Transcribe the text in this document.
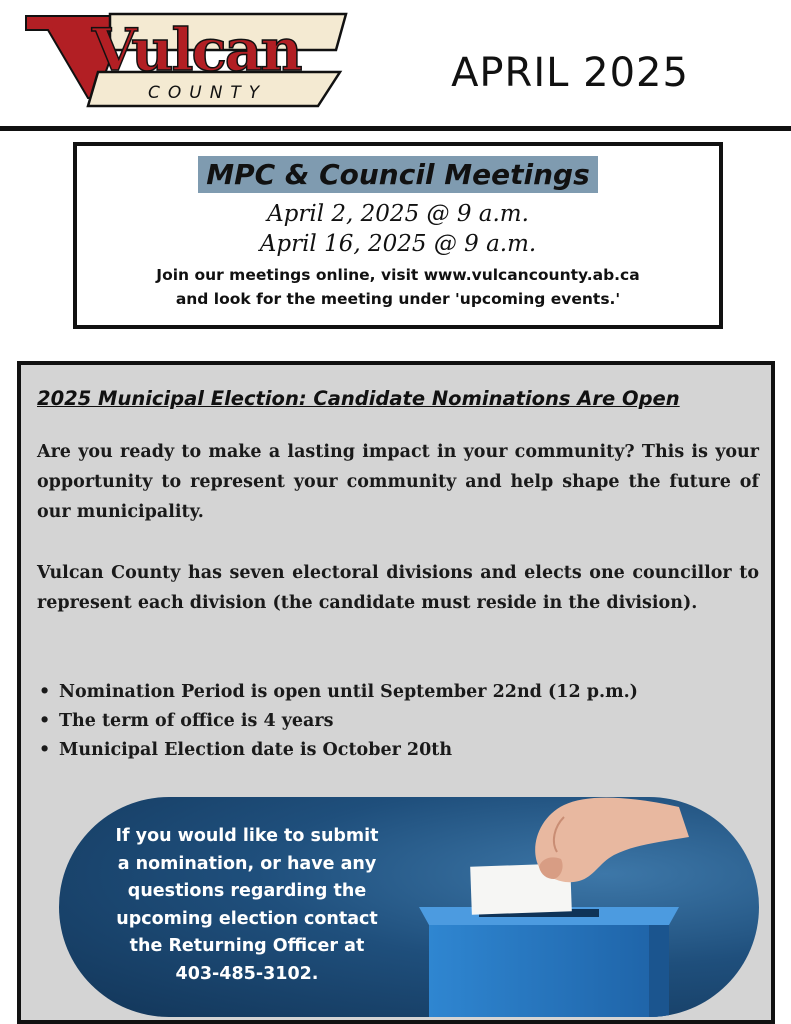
Vulcan
COUNTY	APRIL 2025
MPC & Council Meetings
April 2, 2025 @ 9 a.m.
April 16, 2025 @ 9 a.m.
Join our meetings online, visit www.vulcancounty.ab.ca
and look for the meeting under 'upcoming events.'
2025 Municipal Election: Candidate Nominations Are Open

Are you ready to make a lasting impact in your community? This is your opportunity to represent your community and help shape the future of our municipality.

Vulcan County has seven electoral divisions and elects one councillor to represent each division (the candidate must reside in the division).

• Nomination Period is open until September 22nd (12 p.m.)
• The term of office is 4 years
• Municipal Election date is October 20th
If you would like to submit
a nomination, or have any
questions regarding the
upcoming election contact
the Returning Officer at
403-485-3102.
